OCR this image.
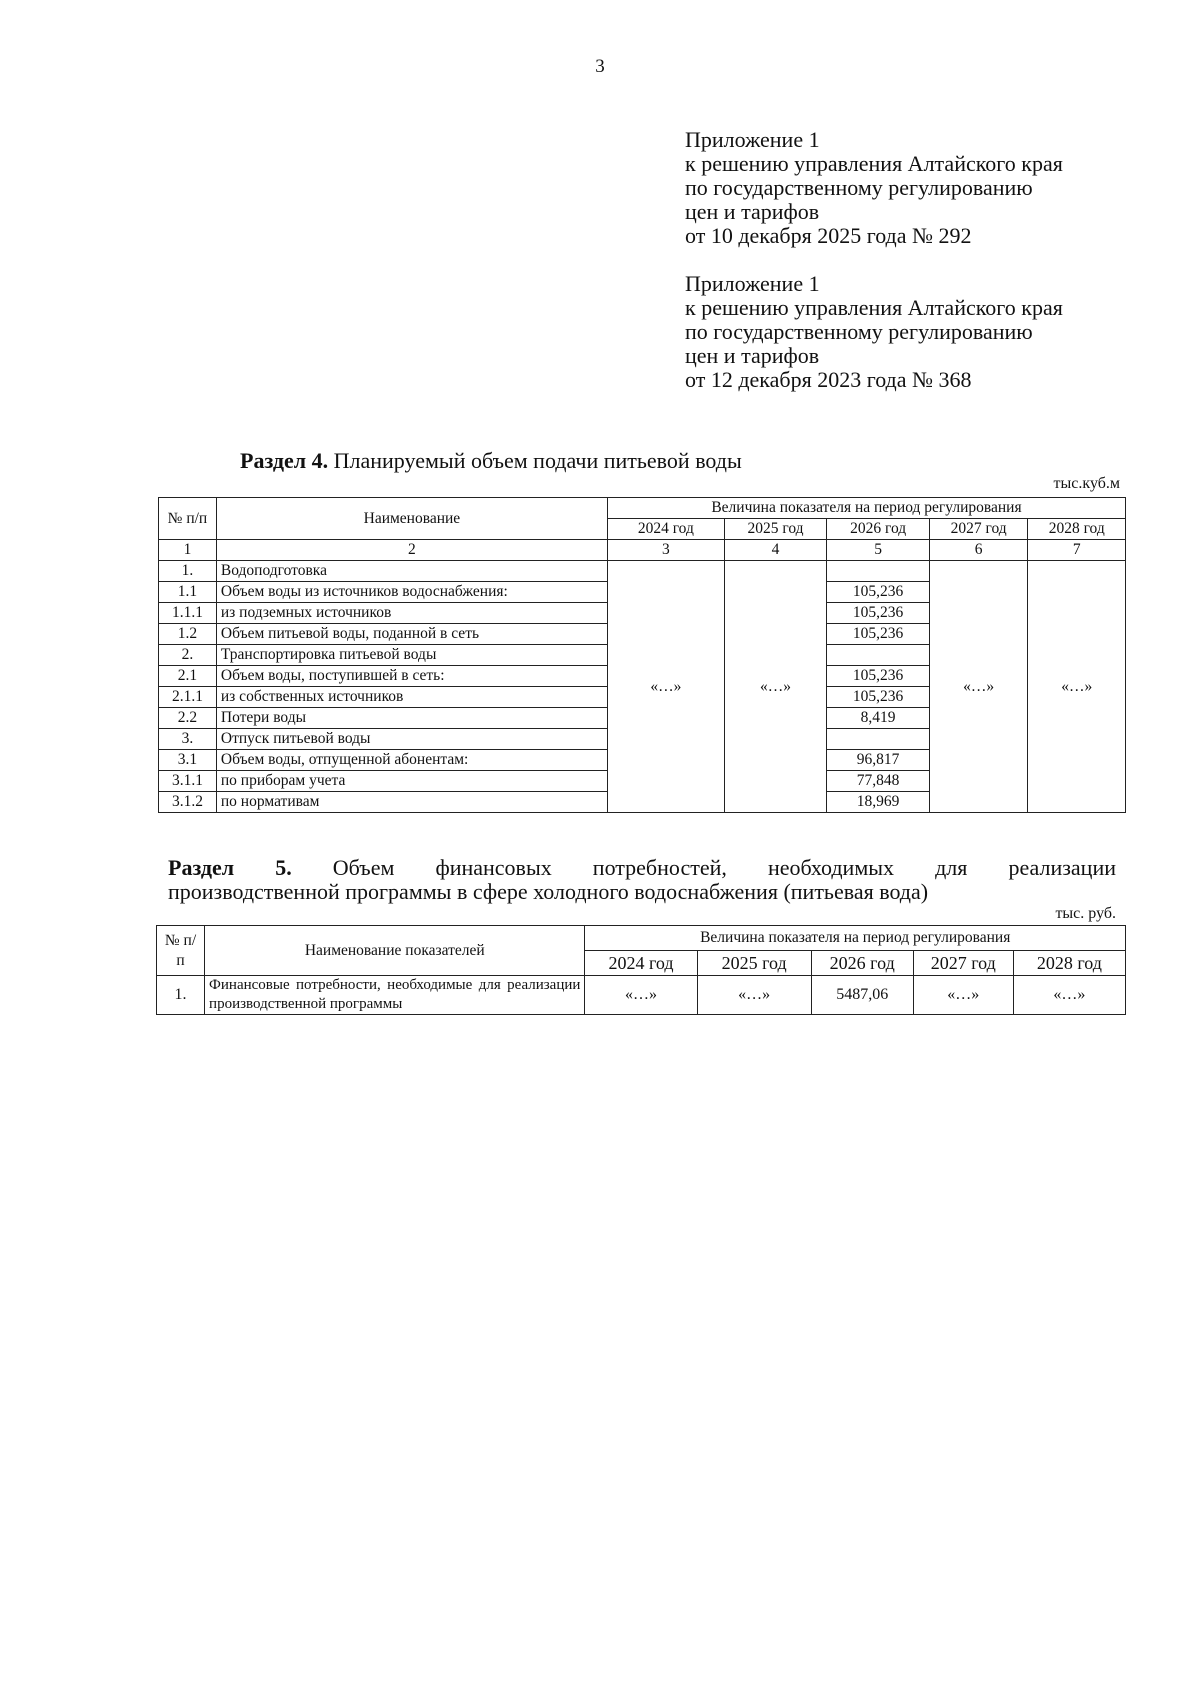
3
Приложение 1
к решению управления Алтайского края
по государственному регулированию
цен и тарифов
от 10 декабря 2025 года № 292
Приложение 1
к решению управления Алтайского края
по государственному регулированию
цен и тарифов
от 12 декабря 2023 года № 368
Раздел 4. Планируемый объем подачи питьевой воды
тыс.куб.м
№ п/п	Наименование	Величина показателя на период регулирования				
		2024 год	2025 год	2026 год	2027 год	2028 год
1	2	3	4	5	6	7
1.	Водоподготовка	«…»	«…»		«…»	«…»
1.1	Объем воды из источников водоснабжения:			105,236		
1.1.1	из подземных источников			105,236		
1.2	Объем питьевой воды, поданной в сеть			105,236		
2.	Транспортировка питьевой воды					
2.1	Объем воды, поступившей в сеть:			105,236		
2.1.1	из собственных источников			105,236		
2.2	Потери воды			8,419		
3.	Отпуск питьевой воды					
3.1	Объем воды, отпущенной абонентам:			96,817		
3.1.1	по приборам учета			77,848		
3.1.2	по нормативам			18,969		
Раздел 5. Объем финансовых потребностей, необходимых для реализации
производственной программы в сфере холодного водоснабжения (питьевая вода)
тыс. руб.
№ п/п	Наименование показателей	Величина показателя на период регулирования				
		2024 год	2025 год	2026 год	2027 год	2028 год
1.	Финансовые потребности, необходимые для реализации производственной программы	«…»	«…»	5487,06	«…»	«…»
